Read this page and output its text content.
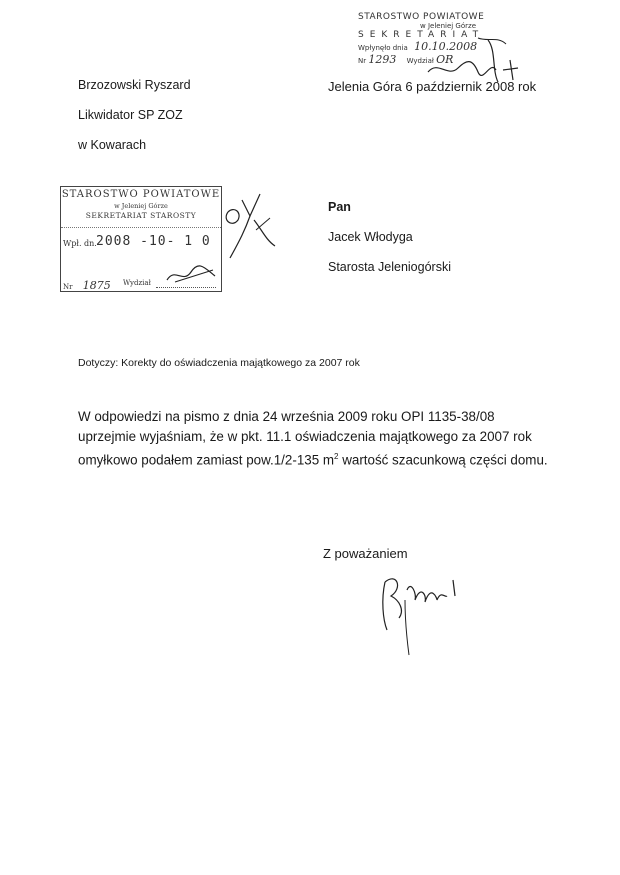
STAROSTWO POWIATOWE
w Jeleniej Górze
SEKRETARIAT
Wpłynęło dnia 10.10.2008
Nr 1293 Wydział OR
Brzozowski Ryszard
Likwidator SP ZOZ
w Kowarach
Jelenia Góra 6 październik 2008 rok
STAROSTWO POWIATOWE
w Jeleniej Górze
SEKRETARIAT STAROSTY
Wpł. dn. 2008 -10- 1 0
Nr 1875 Wydział
Pan
Jacek Włodyga
Starosta Jeleniogórski
Dotyczy: Korekty do oświadczenia majątkowego za 2007 rok
W odpowiedzi na pismo z dnia 24 września 2009 roku OPI 1135-38/08
uprzejmie wyjaśniam, że w pkt. 11.1 oświadczenia majątkowego za 2007 rok
omyłkowo podałem zamiast pow.1/2-135 $m^2$ wartość szacunkową części domu.
Z poważaniem
